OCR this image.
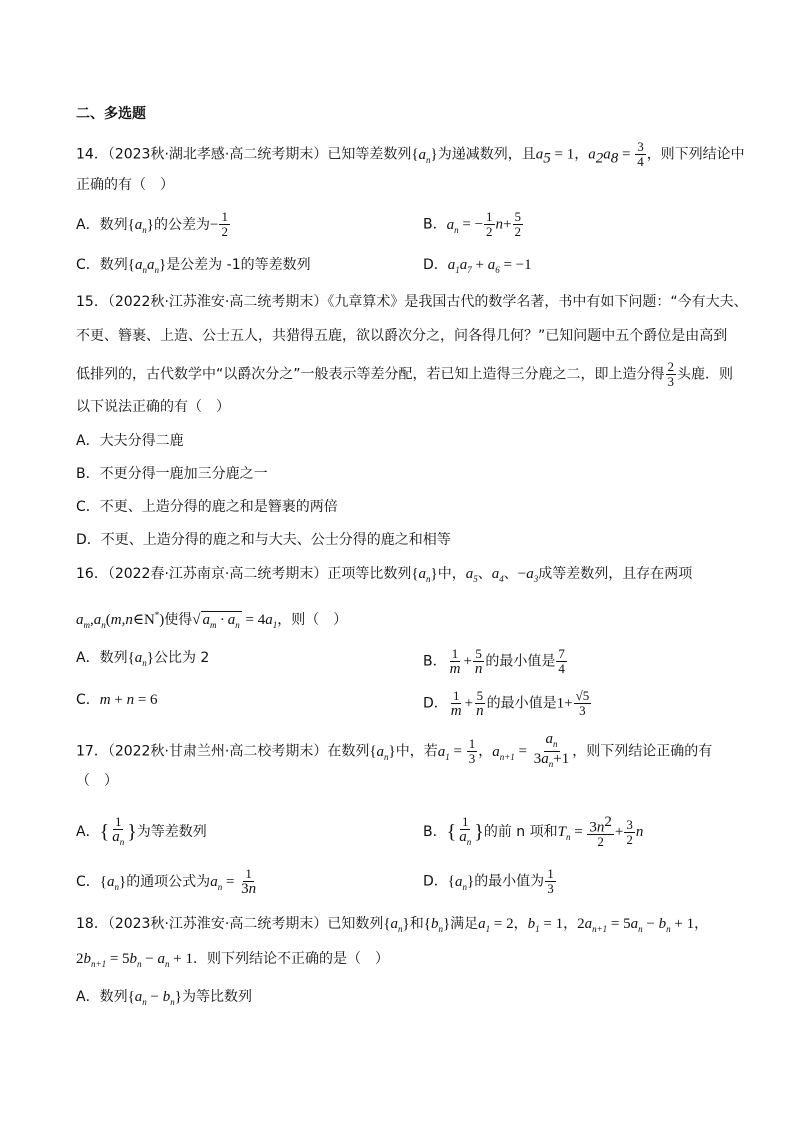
二、多选题
14．（2023秋·湖北孝感·高二统考期末）已知等差数列$\{a_n\}$为递减数列，且$a_5 = 1$，$a_2a_8 = \frac{3}{4}$ ，则下列结论中
正确的有（　）
A．数列$\{a_n\}$的公差为− $\frac{1}{2}$	B．$a_n$ = − $\frac{1}{2} n+ \frac{5}{2}$
C．数列$\{a_na_n\}$是公差为 -1的等差数列	D．$a_1a_7 + a_6 = -1$
15．（2022秋·江苏淮安·高二统考期末）《九章算术》是我国古代的数学名著，书中有如下问题：“今有大夫、
不更、簪裹、上造、公士五人，共猎得五鹿，欲以爵次分之，问各得几何？”已知问题中五个爵位是由高到
低排列的，古代数学中“以爵次分之”一般表示等差分配，若已知上造得三分鹿之二，即上造分得 $\frac{2}{3}$ 头鹿．则
以下说法正确的有（　）
A．大夫分得二鹿
B．不更分得一鹿加三分鹿之一
C．不更、上造分得的鹿之和是簪裹的两倍
D．不更、上造分得的鹿之和与大夫、公士分得的鹿之和相等
16．（2022春·江苏南京·高二统考期末）正项等比数列$\{a_n\}$中，$a_5$、$a_4$、$-a_3$成等差数列，且存在两项
$a_m,a_n(m,n\in N^*)$使得√ $a_m \cdot a_n = 4a_1$，则（　）
A．数列$\{a_n\}$公比为 2	B． $\frac{1}{m} + \frac{5}{n}$ 的最小值是 $\frac{7}{4}$
C．m + n = 6	D． $\frac{1}{m} + \frac{5}{n}$ 的最小值是$1+ \frac{√5}{3}$
17．（2022秋·甘肃兰州·高二校考期末）在数列$\{a_n\}$中，若$a_1 = \frac{1}{3}$ ，$a_{n+1} = \frac{a_n}{3a_n+1}$ ，则下列结论正确的有
（　）
A．{ $\frac{1}{a_n}$ }为等差数列	B．{ $\frac{1}{a_n}$ }的前 n 项和$T_n = \frac{3n^2}{2} + \frac{3}{2}$ n
C．$\{a_n\}$的通项公式为$a_n = \frac{1}{3n}$	D．$\{a_n\}$的最小值为 $\frac{1}{3}$
18．（2023秋·江苏淮安·高二统考期末）已知数列$\{a_n\}$和$\{b_n\}$满足$a_1 = 2$，$b_1 = 1$，$2a_{n+1} = 5a_n - b_n + 1$，
$2b_{n+1} = 5b_n - a_n + 1$．则下列结论不正确的是（　）
A．数列$\{a_n - b_n\}$为等比数列
